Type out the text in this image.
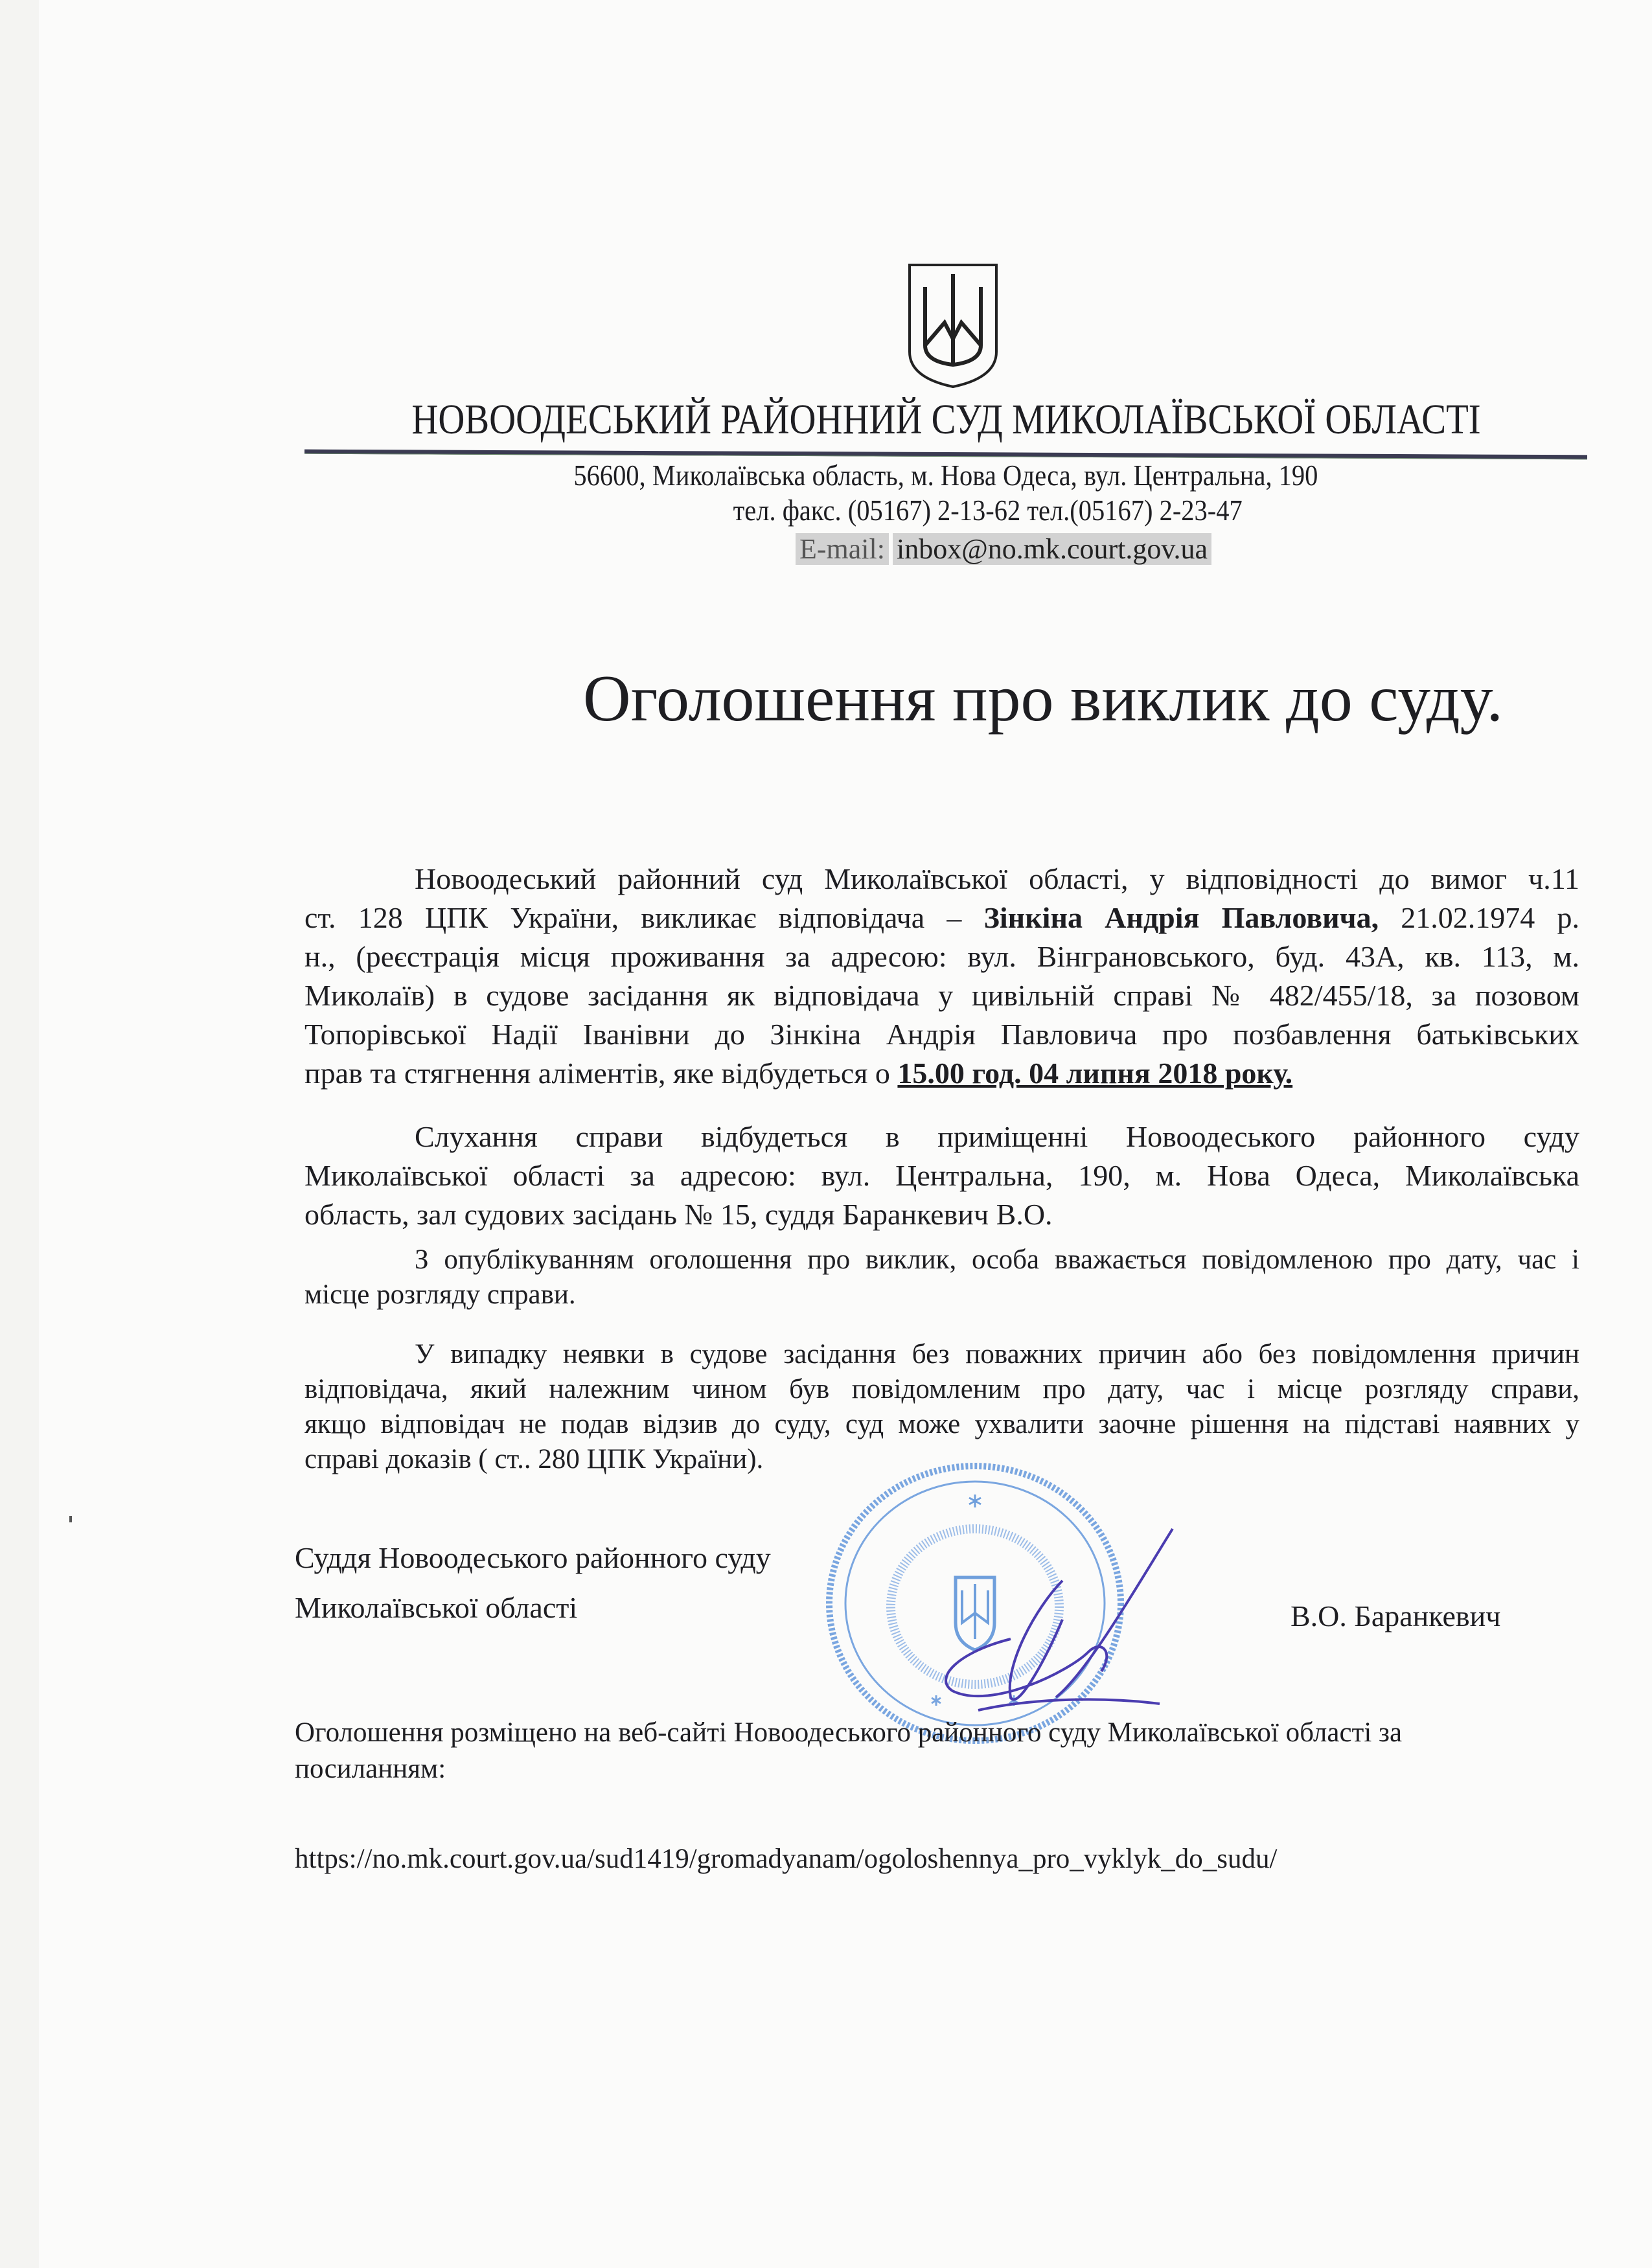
НОВООДЕСЬКИЙ РАЙОННИЙ СУД МИКОЛАЇВСЬКОЇ ОБЛАСТІ
56600, Миколаївська область, м. Нова Одеса, вул. Центральна, 190
тел. факс. (05167) 2-13-62 тел.(05167) 2-23-47
E-mail: inbox@no.mk.court.gov.ua
Оголошення про виклик до суду.
Новоодеський районний суд Миколаївської області, у відповідності до вимог ч.11
ст. 128 ЦПК України, викликає відповідача – Зінкіна Андрія Павловича, 21.02.1974 р.
н., (реєстрація місця проживання за адресою: вул. Вінграновського, буд. 43А, кв. 113, м.
Миколаїв) в судове засідання як відповідача у цивільній справі № 482/455/18, за позовом
Топорівської Надії Іванівни до Зінкіна Андрія Павловича про позбавлення батьківських
прав та стягнення аліментів, яке відбудеться о 15.00 год. 04 липня 2018 року.
Слухання справи відбудеться в приміщенні Новоодеського районного суду
Миколаївської області за адресою: вул. Центральна, 190, м. Нова Одеса, Миколаївська
область, зал судових засідань № 15, суддя Баранкевич В.О.
З опублікуванням оголошення про виклик, особа вважається повідомленою про дату, час і
місце розгляду справи.
У випадку неявки в судове засідання без поважних причин або без повідомлення причин
відповідача, який належним чином був повідомленим про дату, час і місце розгляду справи,
якщо відповідач не подав відзив до суду, суд може ухвалити заочне рішення на підставі наявних у
справі доказів ( ст.. 280 ЦПК України).
Суддя Новоодеського районного суду
Миколаївської області	В.О. Баранкевич
Оголошення розміщено на веб-сайті Новоодеського районного суду Миколаївської області за
посиланням:
https://no.mk.court.gov.ua/sud1419/gromadyanam/ogoloshennya_pro_vyklyk_do_sudu/
